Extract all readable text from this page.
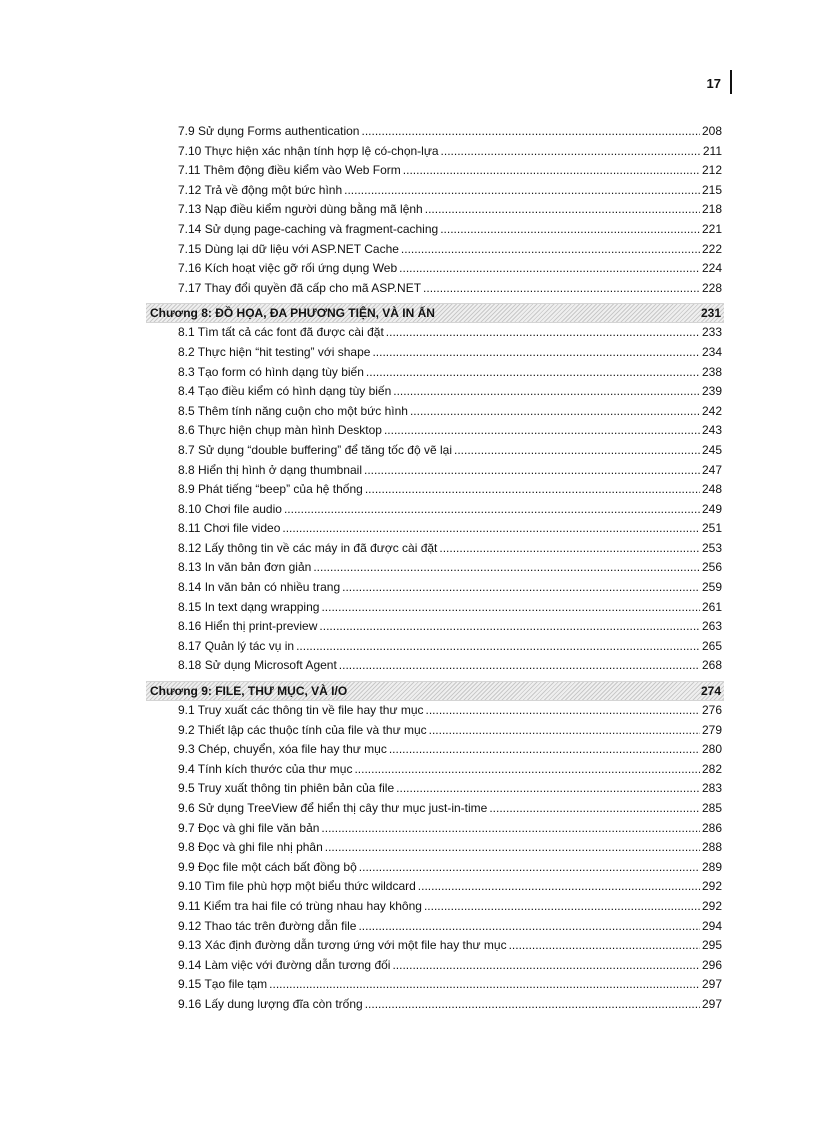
17
7.9 Sử dụng Forms authentication .....	208
7.10 Thực hiện xác nhận tính hợp lệ có-chọn-lựa .....	211
7.11 Thêm động điều kiểm vào Web Form .....	212
7.12 Trả về động một bức hình .....	215
7.13 Nạp điều kiểm người dùng bằng mã lệnh .....	218
7.14 Sử dụng page-caching và fragment-caching .....	221
7.15 Dùng lại dữ liệu với ASP.NET Cache .....	222
7.16 Kích hoạt việc gỡ rối ứng dụng Web .....	224
7.17 Thay đổi quyền đã cấp cho mã ASP.NET .....	228
Chương 8: ĐỒ HỌA, ĐA PHƯƠNG TIỆN, VÀ IN ẤN	231
8.1 Tìm tất cả các font đã được cài đặt .....	233
8.2 Thực hiện “hit testing” với shape .....	234
8.3 Tạo form có hình dạng tùy biến .....	238
8.4 Tạo điều kiểm có hình dạng tùy biến .....	239
8.5 Thêm tính năng cuộn cho một bức hình .....	242
8.6 Thực hiện chụp màn hình Desktop .....	243
8.7 Sử dụng “double buffering” để tăng tốc độ vẽ lại .....	245
8.8 Hiển thị hình ở dạng thumbnail .....	247
8.9 Phát tiếng “beep” của hệ thống .....	248
8.10 Chơi file audio .....	249
8.11 Chơi file video .....	251
8.12 Lấy thông tin về các máy in đã được cài đặt .....	253
8.13 In văn bản đơn giản .....	256
8.14 In văn bản có nhiều trang .....	259
8.15 In text dạng wrapping .....	261
8.16 Hiển thị print-preview .....	263
8.17 Quản lý tác vụ in .....	265
8.18 Sử dụng Microsoft Agent .....	268
Chương 9: FILE, THƯ MỤC, VÀ I/O	274
9.1 Truy xuất các thông tin về file hay thư mục .....	276
9.2 Thiết lập các thuộc tính của file và thư mục .....	279
9.3 Chép, chuyển, xóa file hay thư mục .....	280
9.4 Tính kích thước của thư mục .....	282
9.5 Truy xuất thông tin phiên bản của file .....	283
9.6 Sử dụng TreeView để hiển thị cây thư mục just-in-time .....	285
9.7 Đọc và ghi file văn bản .....	286
9.8 Đọc và ghi file nhị phân .....	288
9.9 Đọc file một cách bất đồng bộ .....	289
9.10 Tìm file phù hợp một biểu thức wildcard .....	292
9.11 Kiểm tra hai file có trùng nhau hay không .....	292
9.12 Thao tác trên đường dẫn file .....	294
9.13 Xác định đường dẫn tương ứng với một file hay thư mục .....	295
9.14 Làm việc với đường dẫn tương đối .....	296
9.15 Tạo file tạm .....	297
9.16 Lấy dung lượng đĩa còn trống .....	297
